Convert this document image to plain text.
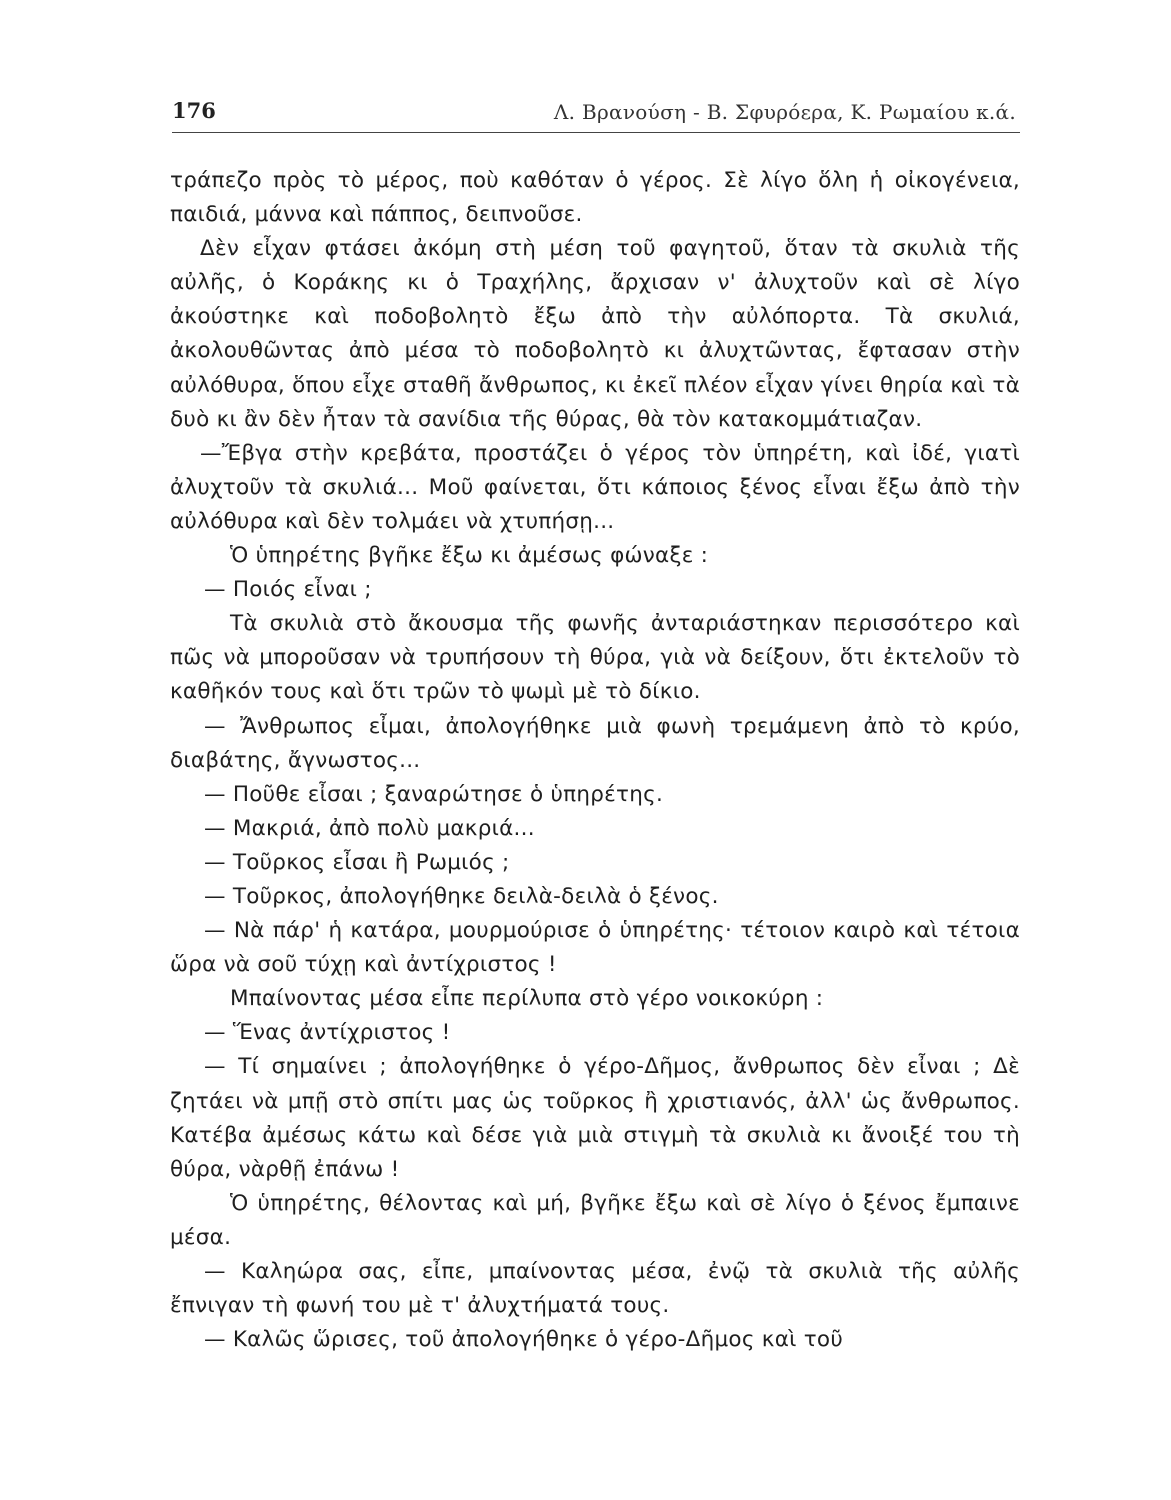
176	Λ. Βρανούση - Β. Σφυρόερα, Κ. Ρωμαίου κ.ά.

τράπεζο πρὸς τὸ μέρος, ποὺ καθόταν ὁ γέρος. Σὲ λίγο ὅλη ἡ οἰκογένεια, παιδιά, μάννα καὶ πάππος, δειπνοῦσε.

Δὲν εἶχαν φτάσει ἀκόμη στὴ μέση τοῦ φαγητοῦ, ὅταν τὰ σκυλιὰ τῆς αὐλῆς, ὁ Κοράκης κι ὁ Τραχήλης, ἄρχισαν ν' ἀλυχτοῦν καὶ σὲ λίγο ἀκούστηκε καὶ ποδοβολητὸ ἔξω ἀπὸ τὴν αὐλόπορτα. Τὰ σκυλιά, ἀκολουθῶντας ἀπὸ μέσα τὸ ποδοβολητὸ κι ἀλυχτῶντας, ἔφτασαν στὴν αὐλόθυρα, ὅπου εἶχε σταθῆ ἄνθρωπος, κι ἐκεῖ πλέον εἶχαν γίνει θηρία καὶ τὰ δυὸ κι ἂν δὲν ἦταν τὰ σανίδια τῆς θύρας, θὰ τὸν κατακομμάτιαζαν.

—Ἔβγα στὴν κρεβάτα, προστάζει ὁ γέρος τὸν ὑπηρέτη, καὶ ἰδέ, γιατὶ ἀλυχτοῦν τὰ σκυλιά... Μοῦ φαίνεται, ὅτι κάποιος ξένος εἶναι ἔξω ἀπὸ τὴν αὐλόθυρα καὶ δὲν τολμάει νὰ χτυπήσῃ...

Ὁ ὑπηρέτης βγῆκε ἔξω κι ἀμέσως φώναξε :

— Ποιός εἶναι ;

Τὰ σκυλιὰ στὸ ἄκουσμα τῆς φωνῆς ἀνταριάστηκαν περισσότερο καὶ πῶς νὰ μποροῦσαν νὰ τρυπήσουν τὴ θύρα, γιὰ νὰ δείξουν, ὅτι ἐκτελοῦν τὸ καθῆκόν τους καὶ ὅτι τρῶν τὸ ψωμὶ μὲ τὸ δίκιο.

— Ἄνθρωπος εἶμαι, ἀπολογήθηκε μιὰ φωνὴ τρεμάμενη ἀπὸ τὸ κρύο, διαβάτης, ἄγνωστος...

— Ποῦθε εἶσαι ; ξαναρώτησε ὁ ὑπηρέτης.

— Μακριά, ἀπὸ πολὺ μακριά...

— Τοῦρκος εἶσαι ἢ Ρωμιός ;

— Τοῦρκος, ἀπολογήθηκε δειλὰ-δειλὰ ὁ ξένος.

— Νὰ πάρ' ἡ κατάρα, μουρμούρισε ὁ ὑπηρέτης· τέτοιον καιρὸ καὶ τέτοια ὥρα νὰ σοῦ τύχῃ καὶ ἀντίχριστος !

Μπαίνοντας μέσα εἶπε περίλυπα στὸ γέρο νοικοκύρη :

— Ἕνας ἀντίχριστος !

— Τί σημαίνει ; ἀπολογήθηκε ὁ γέρο-Δῆμος, ἄνθρωπος δὲν εἶναι ; Δὲ ζητάει νὰ μπῇ στὸ σπίτι μας ὡς τοῦρκος ἢ χριστιανός, ἀλλ' ὡς ἄνθρωπος. Κατέβα ἀμέσως κάτω καὶ δέσε γιὰ μιὰ στιγμὴ τὰ σκυλιὰ κι ἄνοιξέ του τὴ θύρα, νὰρθῇ ἐπάνω !

Ὁ ὑπηρέτης, θέλοντας καὶ μή, βγῆκε ἔξω καὶ σὲ λίγο ὁ ξένος ἔμπαινε μέσα.

— Καληώρα σας, εἶπε, μπαίνοντας μέσα, ἐνῷ τὰ σκυλιὰ τῆς αὐλῆς ἔπνιγαν τὴ φωνή του μὲ τ' ἀλυχτήματά τους.

— Καλῶς ὥρισες, τοῦ ἀπολογήθηκε ὁ γέρο-Δῆμος καὶ τοῦ
